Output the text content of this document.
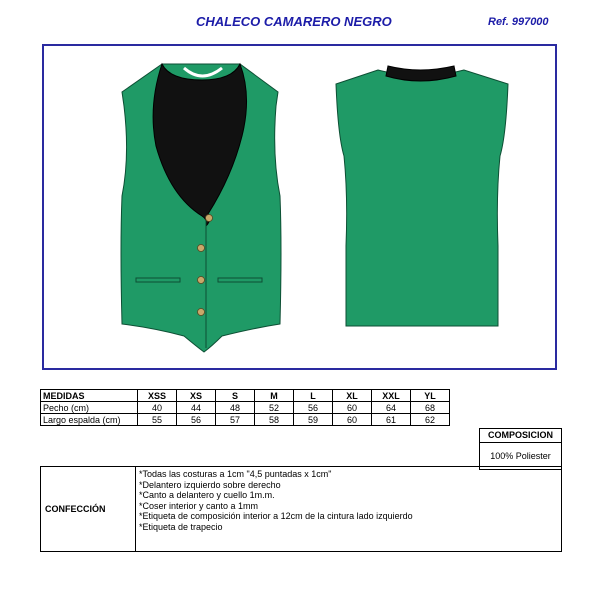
CHALECO CAMARERO NEGRO	Ref. 997000
MEDIDAS	XSS	XS	S	M	L	XL	XXL	YL
Pecho (cm)	40	44	48	52	56	60	64	68
Largo espalda (cm)	55	56	57	58	59	60	61	62
COMPOSICION
100% Poliester
CONFECCIÓN
*Todas las costuras a 1cm "4,5 puntadas x 1cm"
*Delantero izquierdo sobre derecho
*Canto a delantero y cuello 1m.m.
*Coser interior y canto a 1mm
*Etiqueta de composición interior a 12cm de la cintura lado izquierdo
*Etiqueta de trapecio
